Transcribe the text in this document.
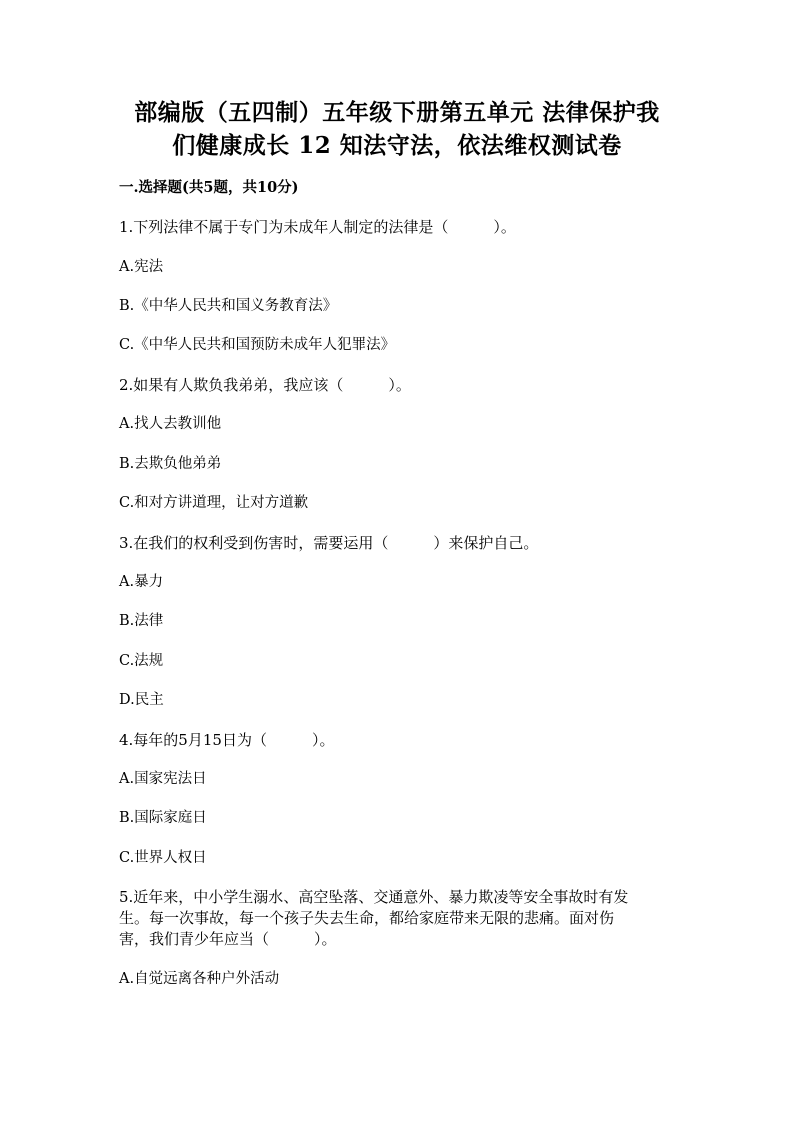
部编版（五四制）五年级下册第五单元 法律保护我
们健康成长 12 知法守法，依法维权测试卷
一.选择题(共5题，共10分)
1.下列法律不属于专门为未成年人制定的法律是（　　　）。
A.宪法
B.《中华人民共和国义务教育法》
C.《中华人民共和国预防未成年人犯罪法》
2.如果有人欺负我弟弟，我应该（　　　）。
A.找人去教训他
B.去欺负他弟弟
C.和对方讲道理，让对方道歉
3.在我们的权利受到伤害时，需要运用（　　　）来保护自己。
A.暴力
B.法律
C.法规
D.民主
4.每年的5月15日为（　　　）。
A.国家宪法日
B.国际家庭日
C.世界人权日
5.近年来，中小学生溺水、高空坠落、交通意外、暴力欺凌等安全事故时有发
生。每一次事故，每一个孩子失去生命，都给家庭带来无限的悲痛。面对伤
害，我们青少年应当（　　　）。
A.自觉远离各种户外活动
